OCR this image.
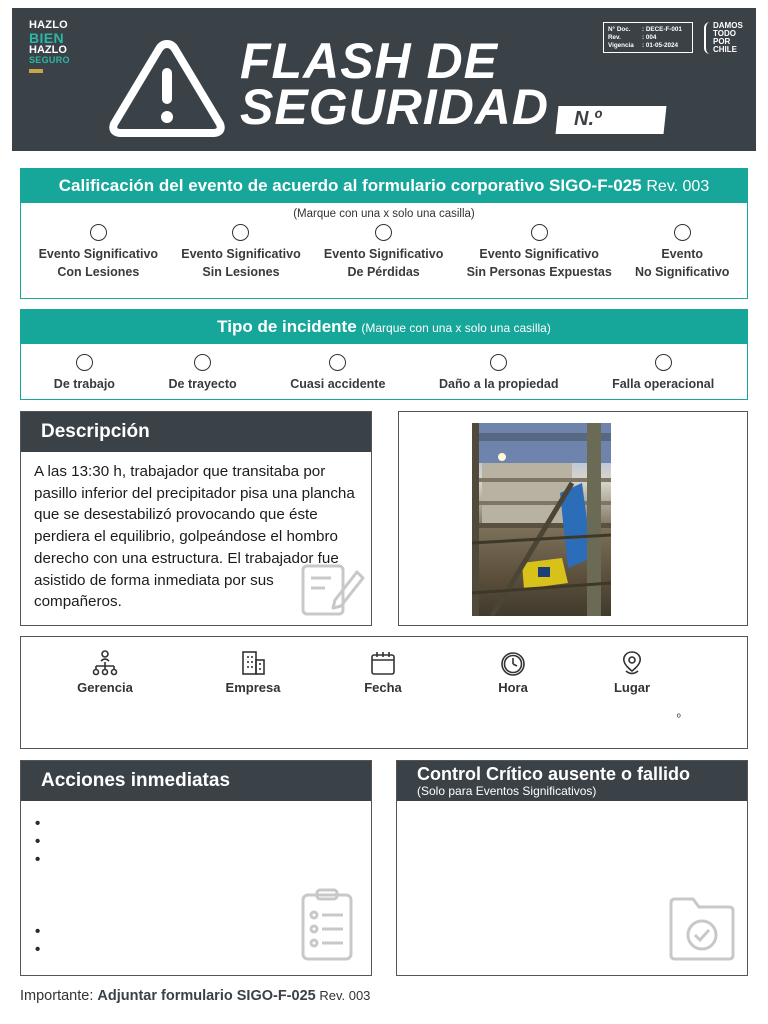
HAZLO
BIEN
HAZLO
SEGURO	FLASH DE
SEGURIDAD N.º
N° Doc.	: DECE-F-001
Rev.	: 004
Vigencia	: 01-05-2024
DAMOS
TODO
POR
CHILE
Calificación del evento de acuerdo al formulario corporativo SIGO-F-025 Rev. 003
(Marque con una x solo una casilla)
Evento Significativo
Con Lesiones
Evento Significativo
Sin Lesiones
Evento Significativo
De Pérdidas
Evento Significativo
Sin Personas Expuestas
Evento
No Significativo
Tipo de incidente (Marque con una x solo una casilla)
De trabajo	De trayecto	Cuasi accidente	Daño a la propiedad	Falla operacional
Descripción
A las 13:30 h, trabajador que transitaba por pasillo inferior del precipitador pisa una plancha que se desestabilizó provocando que éste perdiera el equilibrio, golpeándose el hombro derecho con una estructura. El trabajador fue asistido de forma inmediata por sus compañeros.
Gerencia	Empresa	Fecha	Hora	Lugar
º
Acciones inmediatas
•
•
•
•
•	Control Crítico ausente o fallido
(Solo para Eventos Significativos)
Importante: Adjuntar formulario SIGO-F-025 Rev. 003
